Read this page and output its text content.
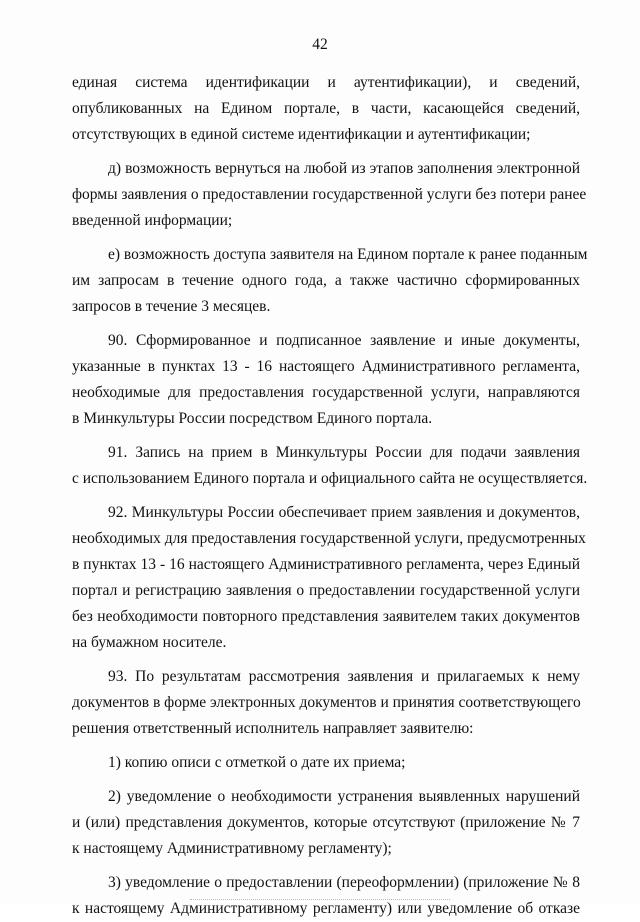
42

единая система идентификации и аутентификации), и сведений,
опубликованных на Едином портале, в части, касающейся сведений,
отсутствующих в единой системе идентификации и аутентификации;

д) возможность вернуться на любой из этапов заполнения электронной
формы заявления о предоставлении государственной услуги без потери ранее
введенной информации;

е) возможность доступа заявителя на Едином портале к ранее поданным
им запросам в течение одного года, а также частично сформированных
запросов в течение 3 месяцев.

90. Сформированное и подписанное заявление и иные документы,
указанные в пунктах 13 - 16 настоящего Административного регламента,
необходимые для предоставления государственной услуги, направляются
в Минкультуры России посредством Единого портала.

91. Запись на прием в Минкультуры России для подачи заявления
с использованием Единого портала и официального сайта не осуществляется.

92. Минкультуры России обеспечивает прием заявления и документов,
необходимых для предоставления государственной услуги, предусмотренных
в пунктах 13 - 16 настоящего Административного регламента, через Единый
портал и регистрацию заявления о предоставлении государственной услуги
без необходимости повторного представления заявителем таких документов
на бумажном носителе.

93. По результатам рассмотрения заявления и прилагаемых к нему
документов в форме электронных документов и принятия соответствующего
решения ответственный исполнитель направляет заявителю:

1) копию описи с отметкой о дате их приема;

2) уведомление о необходимости устранения выявленных нарушений
и (или) представления документов, которые отсутствуют (приложение № 7
к настоящему Административному регламенту);

3) уведомление о предоставлении (переоформлении) (приложение № 8
к настоящему Административному регламенту) или уведомление об отказе
